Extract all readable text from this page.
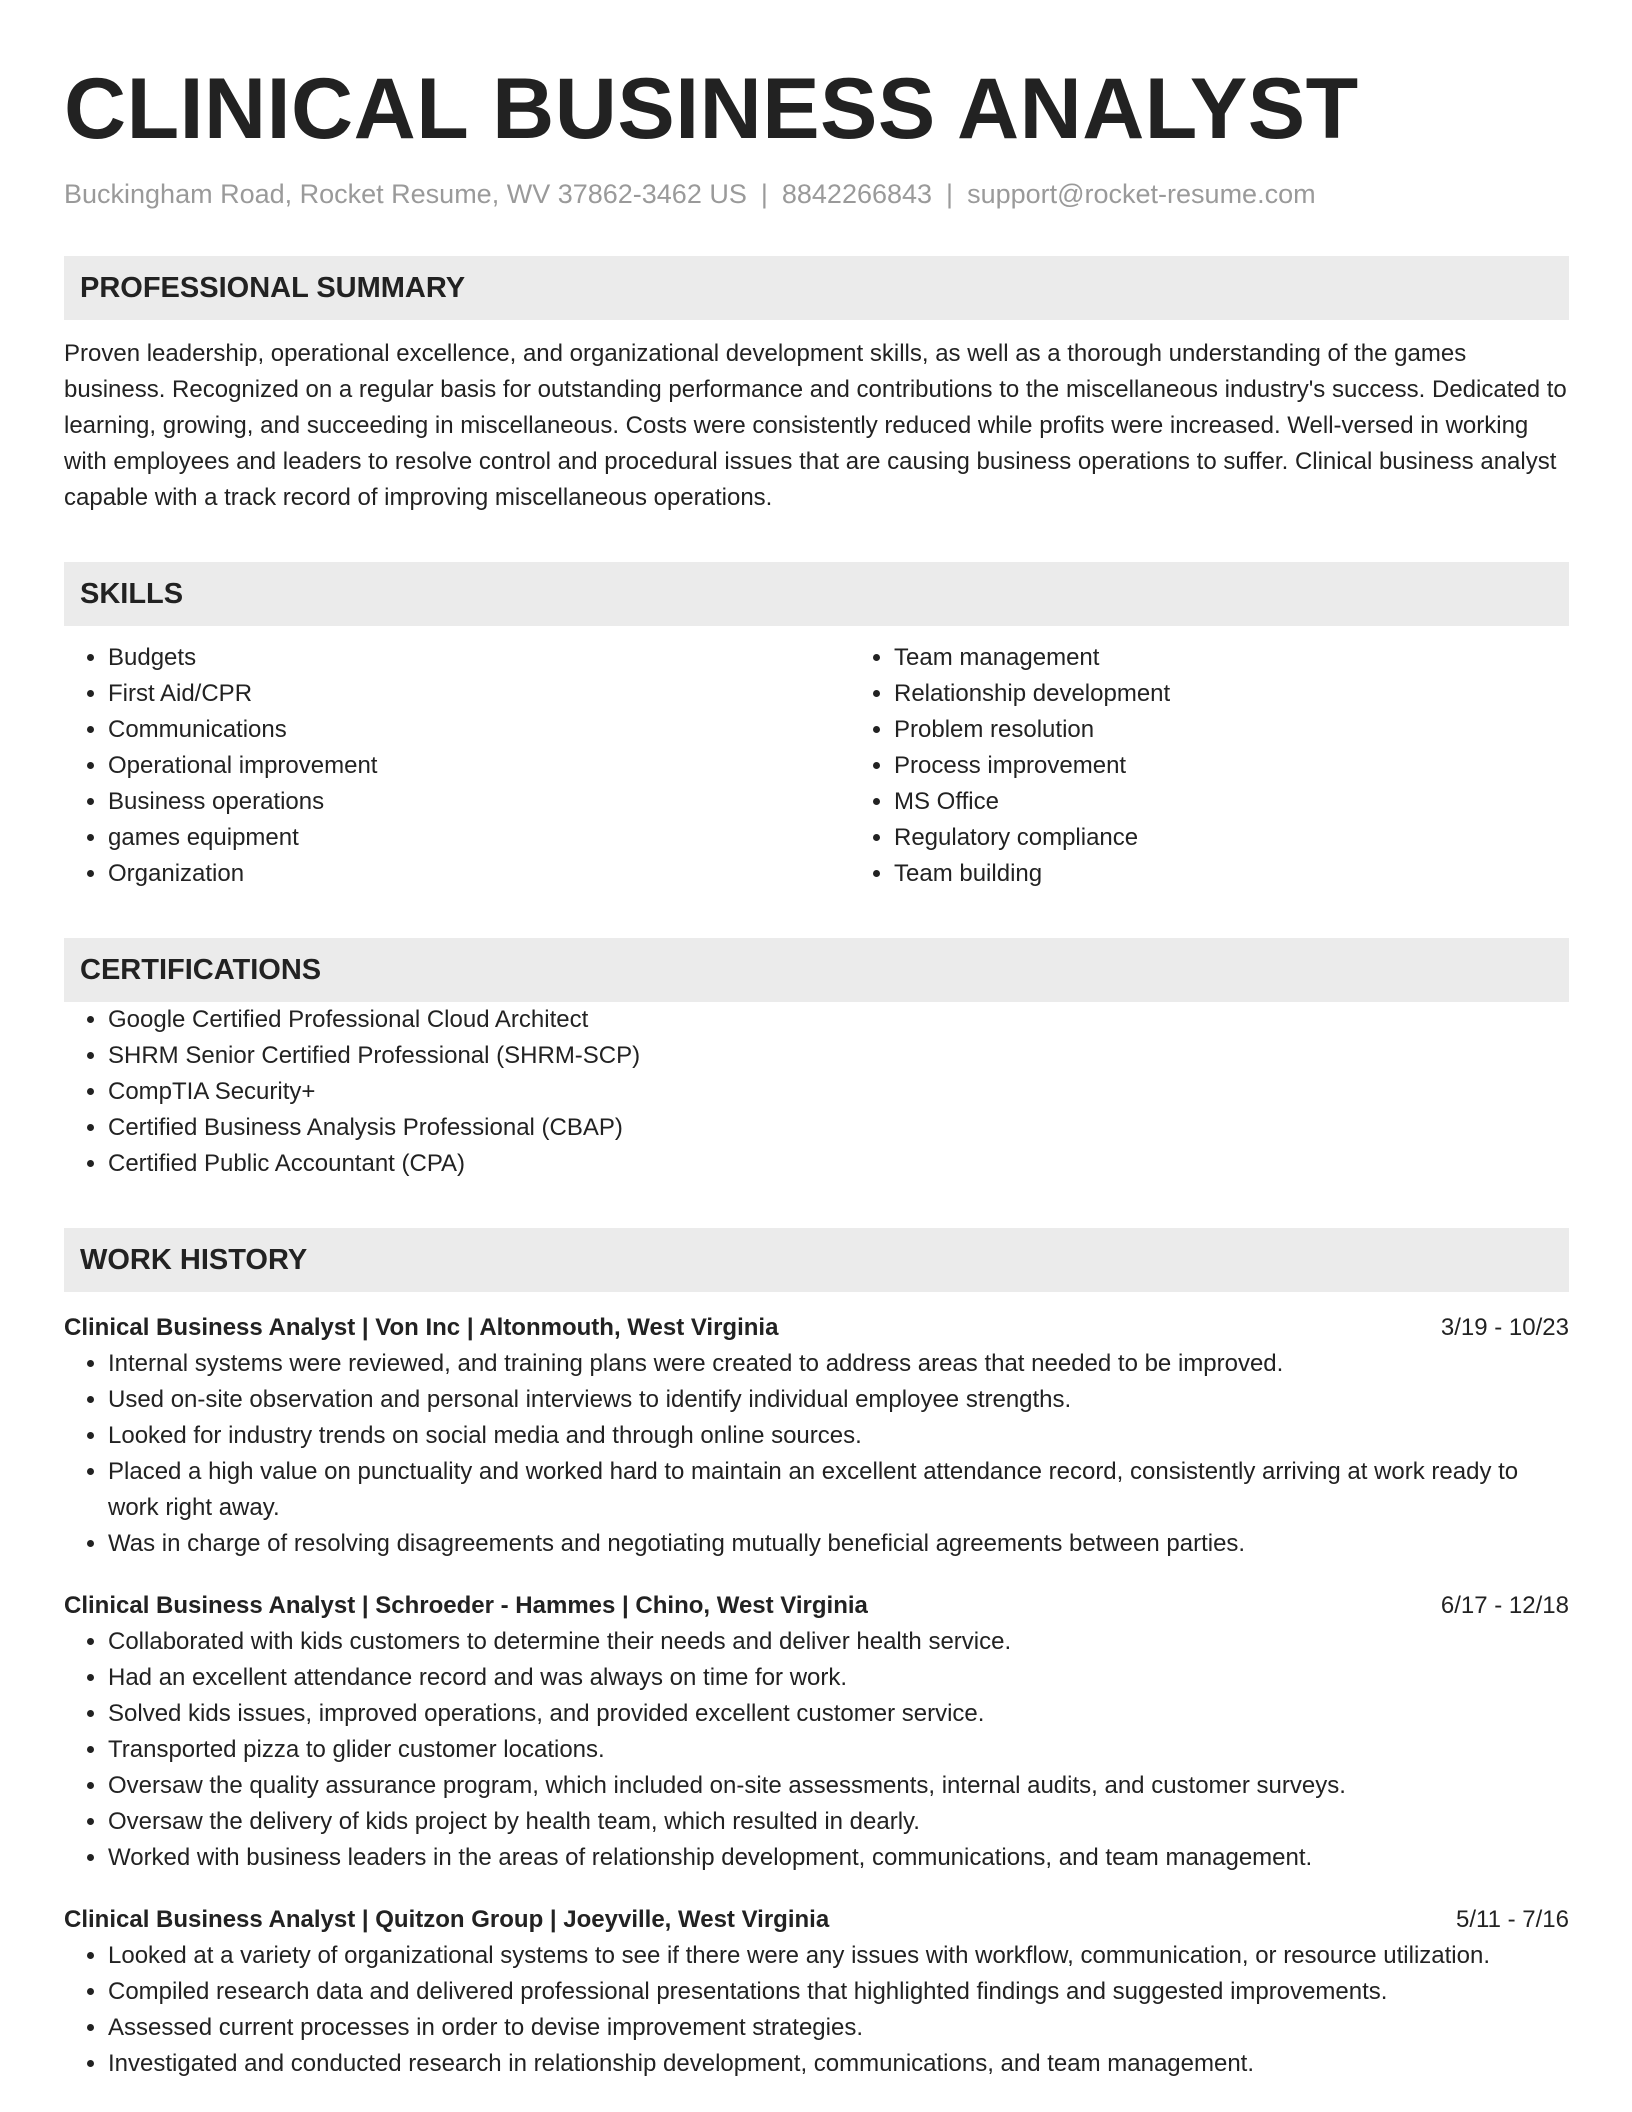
CLINICAL BUSINESS ANALYST
Buckingham Road, Rocket Resume, WV 37862-3462 US | 8842266843 | support@rocket-resume.com
PROFESSIONAL SUMMARY
Proven leadership, operational excellence, and organizational development skills, as well as a thorough understanding of the games business. Recognized on a regular basis for outstanding performance and contributions to the miscellaneous industry's success. Dedicated to learning, growing, and succeeding in miscellaneous. Costs were consistently reduced while profits were increased. Well-versed in working with employees and leaders to resolve control and procedural issues that are causing business operations to suffer. Clinical business analyst capable with a track record of improving miscellaneous operations.
SKILLS
• Budgets
• First Aid/CPR
• Communications
• Operational improvement
• Business operations
• games equipment
• Organization
• Team management
• Relationship development
• Problem resolution
• Process improvement
• MS Office
• Regulatory compliance
• Team building
CERTIFICATIONS
• Google Certified Professional Cloud Architect
• SHRM Senior Certified Professional (SHRM-SCP)
• CompTIA Security+
• Certified Business Analysis Professional (CBAP)
• Certified Public Accountant (CPA)
WORK HISTORY
Clinical Business Analyst | Von Inc | Altonmouth, West Virginia	3/19 - 10/23
• Internal systems were reviewed, and training plans were created to address areas that needed to be improved.
• Used on-site observation and personal interviews to identify individual employee strengths.
• Looked for industry trends on social media and through online sources.
• Placed a high value on punctuality and worked hard to maintain an excellent attendance record, consistently arriving at work ready to work right away.
• Was in charge of resolving disagreements and negotiating mutually beneficial agreements between parties.
Clinical Business Analyst | Schroeder - Hammes | Chino, West Virginia	6/17 - 12/18
• Collaborated with kids customers to determine their needs and deliver health service.
• Had an excellent attendance record and was always on time for work.
• Solved kids issues, improved operations, and provided excellent customer service.
• Transported pizza to glider customer locations.
• Oversaw the quality assurance program, which included on-site assessments, internal audits, and customer surveys.
• Oversaw the delivery of kids project by health team, which resulted in dearly.
• Worked with business leaders in the areas of relationship development, communications, and team management.
Clinical Business Analyst | Quitzon Group | Joeyville, West Virginia	5/11 - 7/16
• Looked at a variety of organizational systems to see if there were any issues with workflow, communication, or resource utilization.
• Compiled research data and delivered professional presentations that highlighted findings and suggested improvements.
• Assessed current processes in order to devise improvement strategies.
• Investigated and conducted research in relationship development, communications, and team management.
